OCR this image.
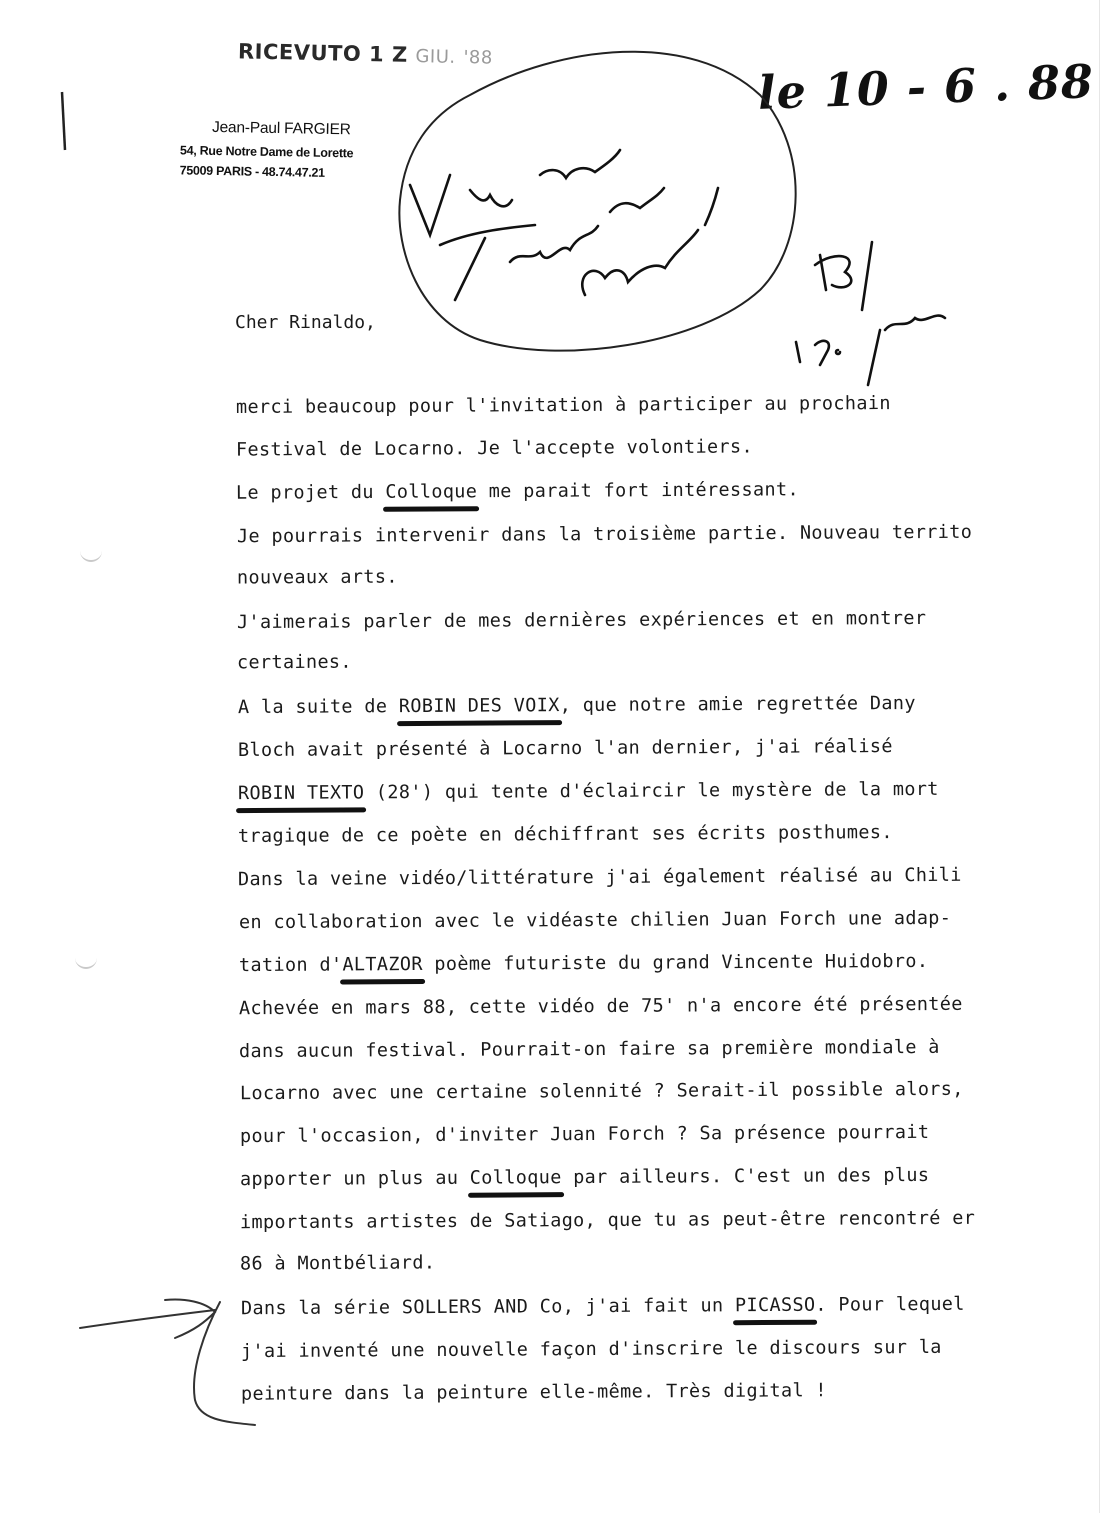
RICEVUTO 1 Z GIU. '88
Jean-Paul FARGIER
54, Rue Notre Dame de Lorette
75009 PARIS - 48.74.47.21
le 10 - 6 . 88
Cher Rinaldo,
merci beaucoup pour l'invitation à participer au prochain
Festival de Locarno. Je l'accepte volontiers.
Le projet du Colloque me parait fort intéressant.
Je pourrais intervenir dans la troisième partie. Nouveau territo
nouveaux arts.
J'aimerais parler de mes dernières expériences et en montrer
certaines.
A la suite de ROBIN DES VOIX, que notre amie regrettée Dany
Bloch avait présenté à Locarno l'an dernier, j'ai réalisé
ROBIN TEXTO (28') qui tente d'éclaircir le mystère de la mort
tragique de ce poète en déchiffrant ses écrits posthumes.
Dans la veine vidéo/littérature j'ai également réalisé au Chili
en collaboration avec le vidéaste chilien Juan Forch une adap-
tation d'ALTAZOR poème futuriste du grand Vincente Huidobro.
Achevée en mars 88, cette vidéo de 75' n'a encore été présentée
dans aucun festival. Pourrait-on faire sa première mondiale à
Locarno avec une certaine solennité ? Serait-il possible alors,
pour l'occasion, d'inviter Juan Forch ? Sa présence pourrait
apporter un plus au Colloque par ailleurs. C'est un des plus
importants artistes de Satiago, que tu as peut-être rencontré er
86 à Montbéliard.
Dans la série SOLLERS AND Co, j'ai fait un PICASSO. Pour lequel
j'ai inventé une nouvelle façon d'inscrire le discours sur la
peinture dans la peinture elle-même. Très digital !
